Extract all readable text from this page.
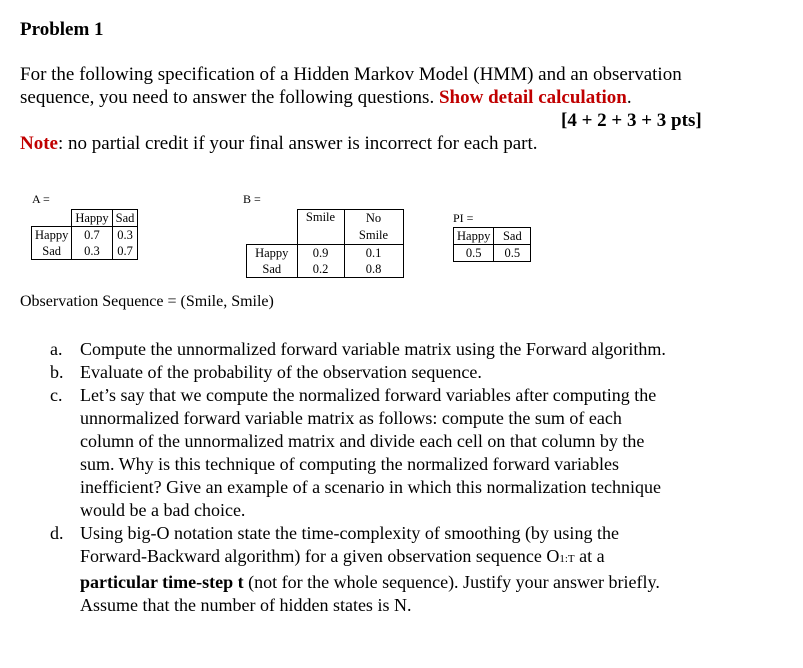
Problem 1
For the following specification of a Hidden Markov Model (HMM) and an observation
sequence, you need to answer the following questions. Show detail calculation.
[4 + 2 + 3 + 3 pts]
Note: no partial credit if your final answer is incorrect for each part.
A =
	Happy	Sad
Happy	0.7	0.3
Sad	0.3	0.7
B =
	Smile	No
Smile

Happy	0.9	0.1
Sad	0.2	0.8
PI =
Happy	Sad
0.5	0.5
Observation Sequence = (Smile, Smile)
a. Compute the unnormalized forward variable matrix using the Forward algorithm.
b. Evaluate of the probability of the observation sequence.
c. Let’s say that we compute the normalized forward variables after computing the
unnormalized forward variable matrix as follows: compute the sum of each
column of the unnormalized matrix and divide each cell on that column by the
sum. Why is this technique of computing the normalized forward variables
inefficient? Give an example of a scenario in which this normalization technique
would be a bad choice.
d. Using big-O notation state the time-complexity of smoothing (by using the
Forward-Backward algorithm) for a given observation sequence O1:T at a
particular time-step t (not for the whole sequence). Justify your answer briefly.
Assume that the number of hidden states is N.
